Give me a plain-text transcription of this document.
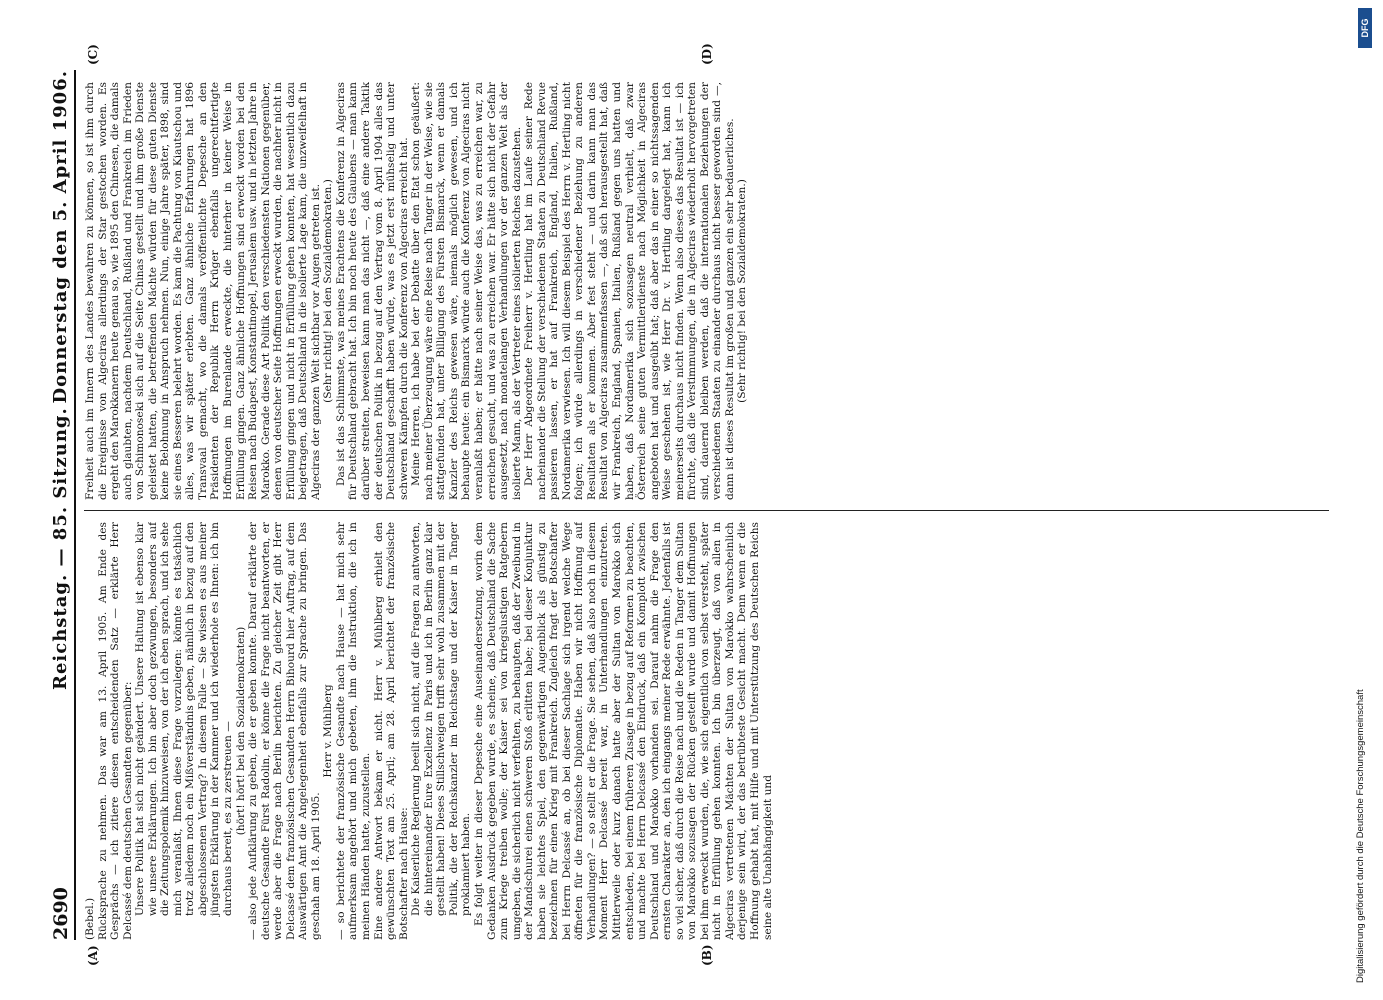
2690
Reichstag. — 85. Sitzung.
Donnerstag den 5. April 1906.
(A)	(B)
(C)	(D)

(Bebel.) Rücksprache zu nehmen. Das war am 13. April 1905. Am Ende des Gesprächs — ich zitiere diesen entscheidenden Satz — erklärte Herr Delcassé dem deutschen Gesandten gegenüber: Unsere Politik hat sich nicht geändert. Unsere Haltung ist ebenso klar wie unsere Erklärungen. Ich bin aber doch gezwungen, besonders auf die Zeitungspolemik hinzuweisen, von der ich eben sprach, und ich sehe mich veranlaßt, Ihnen diese Frage vorzulegen: könnte es tatsächlich trotz alledem noch ein Mißverständnis geben, nämlich in bezug auf den abgeschlossenen Vertrag? In diesem Falle — Sie wissen es aus meiner jüngsten Erklärung in der Kammer und ich wiederhole es Ihnen: ich bin durchaus bereit, es zu zerstreuen — (hört! hört! bei den Sozialdemokraten) — also jede Aufklärung zu geben, die er geben konnte. Darauf erklärte der deutsche Gesandte Fürst Radolin, er könne die Frage nicht beantworten, er werde aber die Frage nach Berlin berichten. Zu gleicher Zeit gibt Herr Delcassé dem französischen Gesandten Herrn Bihourd hier Auftrag, auf dem Auswärtigen Amt die Angelegenheit ebenfalls zur Sprache zu bringen. Das geschah am 18. April 1905.

Herr v. Mühlberg — so berichtete der französische Gesandte nach Hause — hat mich sehr aufmerksam angehört und mich gebeten, ihm die Instruktion, die ich in meinen Händen hatte, zuzustellen. Eine andere Antwort bekam er nicht. Herr v. Mühlberg erhielt den gewünschten Text am 25. April; am 28. April berichtet der französische Botschafter nach Hause: Die Kaiserliche Regierung beeilt sich nicht, auf die Fragen zu antworten, die hintereinander Eure Exzellenz in Paris und ich in Berlin ganz klar gestellt haben! Dieses Stillschweigen trifft sehr wohl zusammen mit der Politik, die der Reichskanzler im Reichstage und der Kaiser in Tanger proklamiert haben. Es folgt weiter in dieser Depesche eine Auseinandersetzung, worin dem Gedanken Ausdruck gegeben wurde, es scheine, daß Deutschland die Sache zum Kriege treiben wolle; der Kaiser sei von kriegslustigen Ratgebern umgeben, die sicherlich nicht verfehlten, zu behaupten, daß der Zweibund in der Mandschurei einen schweren Stoß erlitten habe; bei dieser Konjunktur haben sie leichtes Spiel, den gegenwärtigen Augenblick als günstig zu bezeichnen für einen Krieg mit Frankreich. Zugleich fragt der Botschafter bei Herrn Delcassé an, ob bei dieser Sachlage sich irgend welche Wege öffneten für die französische Diplomatie. Haben wir nicht Hoffnung auf Verhandlungen? — so stellt er die Frage. Sie sehen, daß also noch in diesem Moment Herr Delcassé bereit war, in Unterhandlungen einzutreten. Mittlerweile oder kurz danach hatte aber der Sultan von Marokko sich entschieden, bei einem früheren Zusage in bezug auf Reformen zu beachten, und machte bei Herrn Delcassé den Eindruck, daß ein Komplott zwischen Deutschland und Marokko vorhanden sei. Darauf nahm die Frage den ernsten Charakter an, den ich eingangs meiner Rede erwähnte. Jedenfalls ist so viel sicher, daß durch die Reise nach und die Reden in Tanger dem Sultan von Marokko sozusagen der Rücken gesteift wurde und damit Hoffnungen bei ihm erweckt wurden, die, wie sich eigentlich von selbst versteht, später nicht in Erfüllung gehen konnten. Ich bin überzeugt, daß von allen in Algeciras vertretenen Mächten der Sultan von Marokko wahrscheinlich derjenige sein wird, der das betrübteste Gesicht macht. Denn wenn er die Hoffnung gehabt hat, mit Hilfe und mit Unterstützung des Deutschen Reichs seine alte Unabhängigkeit und

Freiheit auch im Innern des Landes bewahren zu können, so ist ihm durch die Ereignisse von Algeciras allerdings der Star gestochen worden. Es ergeht den Marokkanern heute genau so, wie 1895 den Chinesen, die damals auch glaubten, nachdem Deutschland, Rußland und Frankreich im Frieden von Schimonoseki sich auf die Seite Chinas gestellt und ihm große Dienste geleistet hatten, die betreffenden Mächte würden für diese guten Dienste keine Belohnung in Anspruch nehmen. Nun, einige Jahre später, 1898, sind sie eines Besseren belehrt worden. Es kam die Pachtung von Kiautschou und alles, was wir später erlebten. Ganz ähnliche Erfahrungen hat 1896 Transvaal gemacht, wo die damals veröffentlichte Depesche an den Präsidenten der Republik Herrn Krüger ebenfalls ungerechtfertigte Hoffnungen im Burenlande erweckte, die hinterher in keiner Weise in Erfüllung gingen. Ganz ähnliche Hoffnungen sind erweckt worden bei den Reisen nach Budapest, Konstantinopel, Jerusalem usw. und in letzten Jahre in Marokko. Gerade diese Art Politik den verschiedensten Nationen gegenüber, denen von deutscher Seite Hoffnungen erweckt wurden, die nachher nicht in Erfüllung gingen und nicht in Erfüllung gehen konnten, hat wesentlich dazu beigetragen, daß Deutschland in die isolierte Lage kam, die unzweifelhaft in Algeciras der ganzen Welt sichtbar vor Augen getreten ist. (Sehr richtig! bei den Sozialdemokraten.) Das ist das Schlimmste, was meines Erachtens die Konferenz in Algeciras für Deutschland gebracht hat. Ich bin noch heute des Glaubens — man kann darüber streiten, beweisen kann man das nicht —, daß eine andere Taktik der deutschen Politik in bezug auf den Vertrag vom 8. April 1904 alles das Deutschland geschafft haben würde, was es jetzt erst mühselig und unter schweren Kämpfen durch die Konferenz von Algeciras erreicht hat. Meine Herren, ich habe bei der Debatte über den Etat schon geäußert: nach meiner Überzeugung wäre eine Reise nach Tanger in der Weise, wie sie stattgefunden hat, unter Billigung des Fürsten Bismarck, wenn er damals Kanzler des Reichs gewesen wäre, niemals möglich gewesen, und ich behaupte heute: ein Bismarck würde auch die Konferenz von Algeciras nicht veranlaßt haben; er hätte nach seiner Weise das, was zu erreichen war, zu erreichen gesucht, und was zu erreichen war. Er hätte sich nicht der Gefahr ausgesetzt, nach monatelangen Verhandlungen vor der ganzen Welt als der isolierte Mann, als der Vertreter eines isolierten Reiches dazustehen. Der Herr Abgeordnete Freiherr v. Hertling hat im Laufe seiner Rede nacheinander die Stellung der verschiedenen Staaten zu Deutschland Revue passieren lassen, er hat auf Frankreich, England, Italien, Rußland, Nordamerika verwiesen. Ich will diesem Beispiel des Herrn v. Hertling nicht folgen; ich würde allerdings in verschiedener Beziehung zu anderen Resultaten als er kommen. Aber fest steht — und darin kann man das Resultat von Algeciras zusammenfassen —, daß sich herausgestellt hat, daß wir Frankreich, England, Spanien, Italien, Rußland gegen uns hatten und haben, daß Nordamerika sich sozusagen neutral verhielt, daß zwar Österreich seine guten Vermittlerdienste nach Möglichkeit in Algeciras angeboten hat und ausgeübt hat; daß aber das in einer so nichtssagenden Weise geschehen ist, wie Herr Dr. v. Hertling dargelegt hat, kann ich meinerseits durchaus nicht finden. Wenn also dieses das Resultat ist — ich fürchte, daß die Verstimmungen, die in Algeciras wiederholt hervorgetreten sind, dauernd bleiben werden, daß die internationalen Beziehungen der verschiedenen Staaten zu einander durchaus nicht besser geworden sind —, dann ist dieses Resultat im großen und ganzen ein sehr bedauerliches. (Sehr richtig! bei den Sozialdemokraten.)

DFG
Digitalisierung gefördert durch die Deutsche Forschungsgemeinschaft
